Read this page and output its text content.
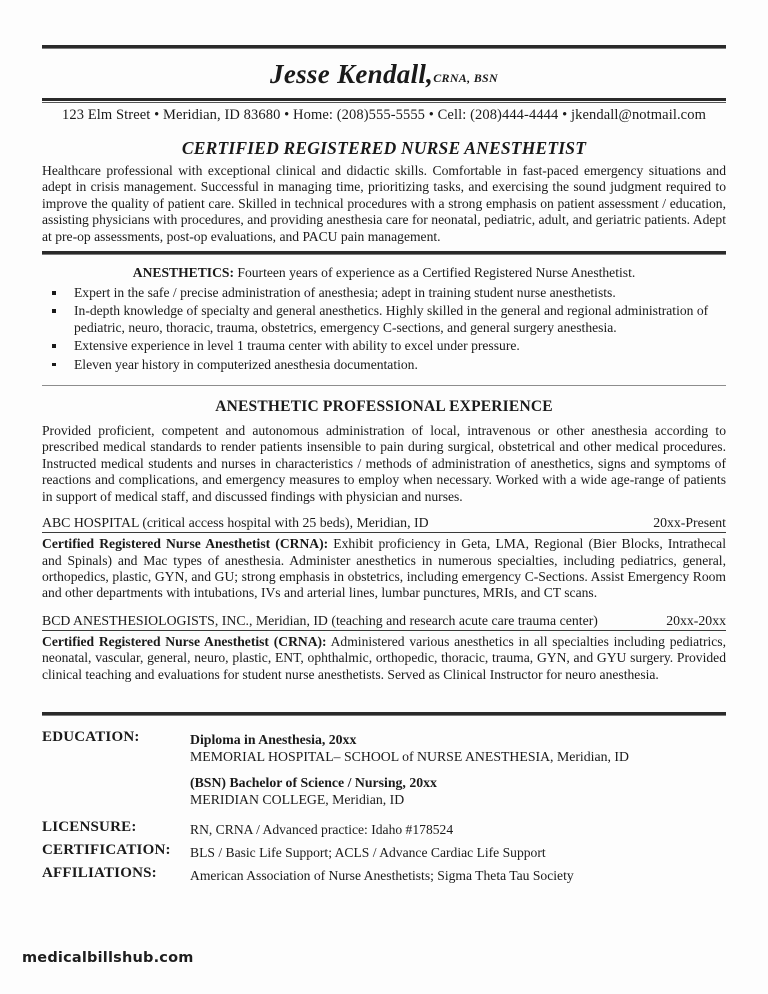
Jesse Kendall,CRNA, BSN
123 Elm Street • Meridian, ID 83680 • Home: (208)555-5555 • Cell: (208)444-4444 • jkendall@notmail.com
CERTIFIED REGISTERED NURSE ANESTHETIST

Healthcare professional with exceptional clinical and didactic skills. Comfortable in fast-paced emergency situations and adept in crisis management. Successful in managing time, prioritizing tasks, and exercising the sound judgment required to improve the quality of patient care. Skilled in technical procedures with a strong emphasis on patient assessment / education, assisting physicians with procedures, and providing anesthesia care for neonatal, pediatric, adult, and geriatric patients. Adept at pre-op assessments, post-op evaluations, and PACU pain management.

ANESTHETICS: Fourteen years of experience as a Certified Registered Nurse Anesthetist.
Expert in the safe / precise administration of anesthesia; adept in training student nurse anesthetists.
In-depth knowledge of specialty and general anesthetics. Highly skilled in the general and regional administration of pediatric, neuro, thoracic, trauma, obstetrics, emergency C-sections, and general surgery anesthesia.
Extensive experience in level 1 trauma center with ability to excel under pressure.
Eleven year history in computerized anesthesia documentation.
ANESTHETIC PROFESSIONAL EXPERIENCE

Provided proficient, competent and autonomous administration of local, intravenous or other anesthesia according to prescribed medical standards to render patients insensible to pain during surgical, obstetrical and other medical procedures. Instructed medical students and nurses in characteristics / methods of administration of anesthetics, signs and symptoms of reactions and complications, and emergency measures to employ when necessary. Worked with a wide age-range of patients in support of medical staff, and discussed findings with physician and nurses.

ABC HOSPITAL (critical access hospital with 25 beds), Meridian, ID	20xx-Present

Certified Registered Nurse Anesthetist (CRNA): Exhibit proficiency in Geta, LMA, Regional (Bier Blocks, Intrathecal and Spinals) and Mac types of anesthesia. Administer anesthetics in numerous specialties, including pediatrics, general, orthopedics, plastic, GYN, and GU; strong emphasis in obstetrics, including emergency C-Sections. Assist Emergency Room and other departments with intubations, IVs and arterial lines, lumbar punctures, MRIs, and CT scans.

BCD ANESTHESIOLOGISTS, INC., Meridian, ID (teaching and research acute care trauma center)	20xx-20xx

Certified Registered Nurse Anesthetist (CRNA): Administered various anesthetics in all specialties including pediatrics, neonatal, vascular, general, neuro, plastic, ENT, ophthalmic, orthopedic, thoracic, trauma, GYN, and GYU surgery. Provided clinical teaching and evaluations for student nurse anesthetists. Served as Clinical Instructor for neuro anesthesia.

EDUCATION:	Diploma in Anesthesia, 20xx
MEMORIAL HOSPITAL– SCHOOL of NURSE ANESTHESIA, Meridian, ID
(BSN) Bachelor of Science / Nursing, 20xx
MERIDIAN COLLEGE, Meridian, ID
LICENSURE:	RN, CRNA / Advanced practice: Idaho #178524
CERTIFICATION:	BLS / Basic Life Support; ACLS / Advance Cardiac Life Support
AFFILIATIONS:	American Association of Nurse Anesthetists; Sigma Theta Tau Society
medicalbillshub.com
